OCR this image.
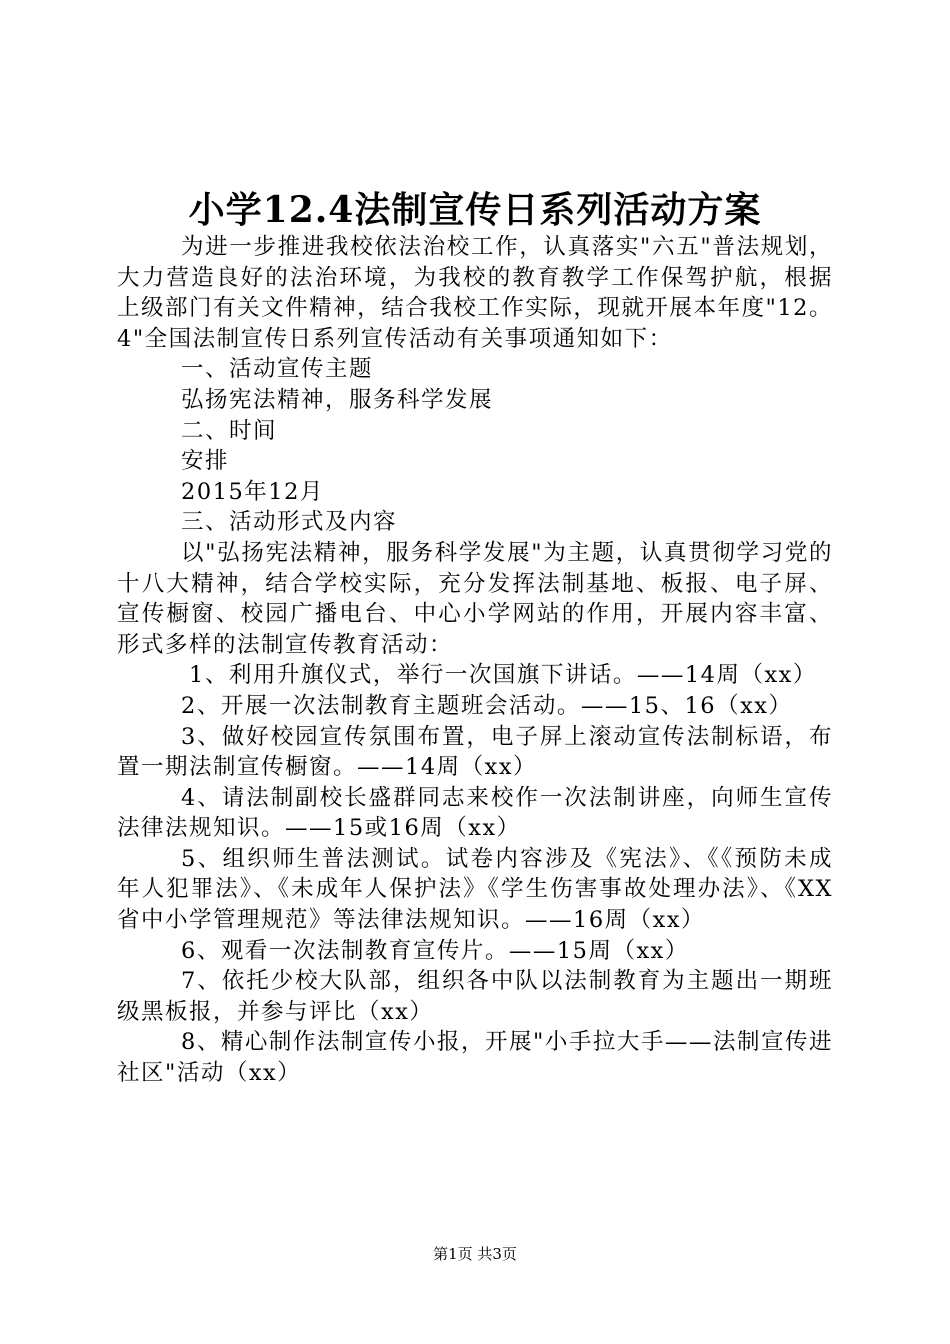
小学12.4法制宣传日系列活动方案

为进一步推进我校依法治校工作，认真落实"六五"普法规划，大力营造良好的法治环境，为我校的教育教学工作保驾护航，根据上级部门有关文件精神，结合我校工作实际，现就开展本年度"12。4"全国法制宣传日系列宣传活动有关事项通知如下：

一、活动宣传主题

弘扬宪法精神，服务科学发展

二、时间

安排

2015年12月

三、活动形式及内容

以"弘扬宪法精神，服务科学发展"为主题，认真贯彻学习党的十八大精神，结合学校实际，充分发挥法制基地、板报、电子屏、宣传橱窗、校园广播电台、中心小学网站的作用，开展内容丰富、形式多样的法制宣传教育活动：

1、利用升旗仪式，举行一次国旗下讲话。——14周（xx）

2、开展一次法制教育主题班会活动。——15、16（xx）

3、做好校园宣传氛围布置，电子屏上滚动宣传法制标语，布置一期法制宣传橱窗。——14周（xx）

4、请法制副校长盛群同志来校作一次法制讲座，向师生宣传法律法规知识。——15或16周（xx）

5、组织师生普法测试。试卷内容涉及《宪法》、《《预防未成年人犯罪法》、《未成年人保护法》《学生伤害事故处理办法》、《XX省中小学管理规范》等法律法规知识。——16周（xx）

6、观看一次法制教育宣传片。——15周（xx）

7、依托少校大队部，组织各中队以法制教育为主题出一期班级黑板报，并参与评比（xx）

8、精心制作法制宣传小报，开展"小手拉大手——法制宣传进社区"活动（xx）

第1页 共3页
